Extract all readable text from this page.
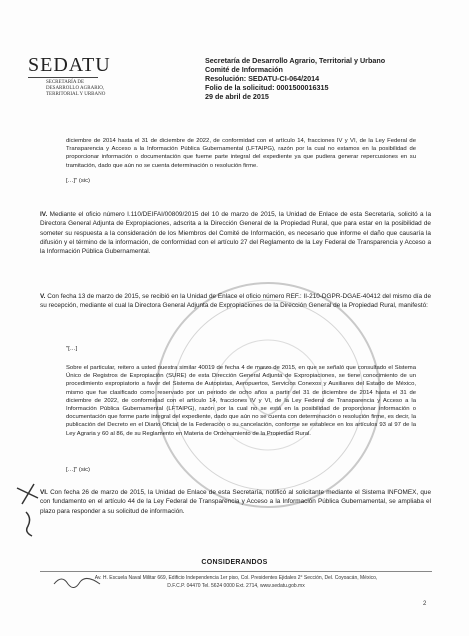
SEDATU
SECRETARÍA DE
DESARROLLO AGRARIO,
TERRITORIAL Y URBANO
Secretaría de Desarrollo Agrario, Territorial y Urbano
Comité de Información
Resolución: SEDATU-CI-064/2014
Folio de la solicitud: 0001500016315
29 de abril de 2015
diciembre de 2014 hasta el 31 de diciembre de 2022, de conformidad con el artículo 14, fracciones IV y VI, de la Ley Federal de Transparencia y Acceso a la Información Pública Gubernamental (LFTAIPG), razón por la cual no estamos en la posibilidad de proporcionar información o documentación que fueme parte integral del expediente ya que pudiera generar repercusiones en su tramitación, dado que aún no se cuenta determinación o resolución firme.
[…]" (sic)
IV. Mediante el oficio número I.110/DEIFAI/00809/2015 del 10 de marzo de 2015, la Unidad de Enlace de esta Secretaría, solicitó a la Directora General Adjunta de Expropiaciones, adscrita a la Dirección General de la Propiedad Rural, que para estar en la posibilidad de someter su respuesta a la consideración de los Miembros del Comité de Información, es necesario que informe el daño que causaría la difusión y el término de la información, de conformidad con el artículo 27 del Reglamento de la Ley Federal de Transparencia y Acceso a la Información Pública Gubernamental.
V. Con fecha 13 de marzo de 2015, se recibió en la Unidad de Enlace el oficio número REF.: II-210-DGPR-DGAE-40412 del mismo día de su recepción, mediante el cual la Directora General Adjunta de Expropiaciones de la Dirección General de la Propiedad Rural, manifestó:
"[…]
Sobre el particular, reitero a usted nuestra similar 40019 de fecha 4 de marzo de 2015, en que se señaló que consultado el Sistema Único de Registros de Expropiación (SURE) de esta Dirección General Adjunta de Expropiaciones, se tiene conocimiento de un procedimiento expropiatorio a favor del Sistema de Autopistas, Aeropuertos, Servicios Conexos y Auxiliares del Estado de México, mismo que fue clasificado como reservado por un periodo de ocho años a partir del 31 de diciembre de 2014 hasta el 31 de diciembre de 2022, de conformidad con el artículo 14, fracciones IV y VI, de la Ley Federal de Transparencia y Acceso a la Información Pública Gubernamental (LFTAIPG), razón por la cual no se está en la posibilidad de proporcionar información o documentación que forme parte integral del expediente, dado que aún no se cuenta con determinación o resolución firme, es decir, la publicación del Decreto en el Diario Oficial de la Federación o su cancelación, conforme se establece en los artículos 93 al 97 de la Ley Agraria y 60 al 86, de su Reglamento en Materia de Ordenamiento de la Propiedad Rural.
[…]" (sic)
VI. Con fecha 26 de marzo de 2015, la Unidad de Enlace de esta Secretaría, notificó al solicitante mediante el Sistema INFOMEX, que con fundamento en el artículo 44 de la Ley Federal de Transparencia y Acceso a la Información Pública Gubernamental, se ampliaba el plazo para responder a su solicitud de información.
CONSIDERANDOS
Av. H. Escuela Naval Militar 669, Edificio Independencia 1er piso, Col. Presidentes Ejidales 2° Sección, Del. Coyoacán, México,
D.F.C.P. 04470 Tel. 5624 0000 Ext. 2714, www.sedatu.gob.mx
2
